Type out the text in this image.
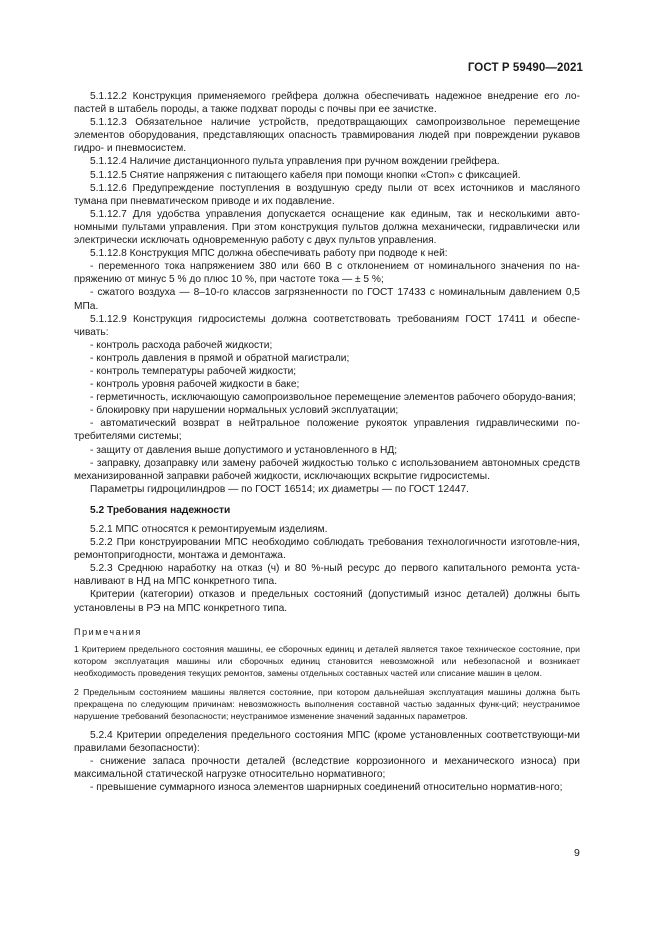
ГОСТ Р 59490—2021

5.1.12.2 Конструкция применяемого грейфера должна обеспечивать надежное внедрение его ло-пастей в штабель породы, а также подхват породы с почвы при ее зачистке.

5.1.12.3 Обязательное наличие устройств, предотвращающих самопроизвольное перемещение элементов оборудования, представляющих опасность травмирования людей при повреждении рукавов гидро- и пневмосистем.

5.1.12.4 Наличие дистанционного пульта управления при ручном вождении грейфера.

5.1.12.5 Снятие напряжения с питающего кабеля при помощи кнопки «Стоп» с фиксацией.

5.1.12.6 Предупреждение поступления в воздушную среду пыли от всех источников и масляного тумана при пневматическом приводе и их подавление.

5.1.12.7 Для удобства управления допускается оснащение как единым, так и несколькими авто-номными пультами управления. При этом конструкция пультов должна механически, гидравлически или электрически исключать одновременную работу с двух пультов управления.

5.1.12.8 Конструкция МПС должна обеспечивать работу при подводе к ней:

- переменного тока напряжением 380 или 660 В с отклонением от номинального значения по на-пряжению от минус 5 % до плюс 10 %, при частоте тока — ± 5 %;

- сжатого воздуха — 8–10-го классов загрязненности по ГОСТ 17433 с номинальным давлением 0,5 МПа.

5.1.12.9 Конструкция гидросистемы должна соответствовать требованиям ГОСТ 17411 и обеспе-чивать:

- контроль расхода рабочей жидкости;

- контроль давления в прямой и обратной магистрали;

- контроль температуры рабочей жидкости;

- контроль уровня рабочей жидкости в баке;

- герметичность, исключающую самопроизвольное перемещение элементов рабочего оборудо-вания;

- блокировку при нарушении нормальных условий эксплуатации;

- автоматический возврат в нейтральное положение рукояток управления гидравлическими по-требителями системы;

- защиту от давления выше допустимого и установленного в НД;

- заправку, дозаправку или замену рабочей жидкостью только с использованием автономных средств механизированной заправки рабочей жидкости, исключающих вскрытие гидросистемы.

Параметры гидроцилиндров — по ГОСТ 16514; их диаметры — по ГОСТ 12447.

5.2 Требования надежности

5.2.1 МПС относятся к ремонтируемым изделиям.

5.2.2 При конструировании МПС необходимо соблюдать требования технологичности изготовле-ния, ремонтопригодности, монтажа и демонтажа.

5.2.3 Среднюю наработку на отказ (ч) и 80 %-ный ресурс до первого капитального ремонта уста-навливают в НД на МПС конкретного типа.

Критерии (категории) отказов и предельных состояний (допустимый износ деталей) должны быть установлены в РЭ на МПС конкретного типа.

Примечания

1 Критерием предельного состояния машины, ее сборочных единиц и деталей является такое техническое состояние, при котором эксплуатация машины или сборочных единиц становится невозможной или небезопасной и возникает необходимость проведения текущих ремонтов, замены отдельных составных частей или списание машин в целом.

2 Предельным состоянием машины является состояние, при котором дальнейшая эксплуатация машины должна быть прекращена по следующим причинам: невозможность выполнения составной частью заданных функ-ций; неустранимое нарушение требований безопасности; неустранимое изменение значений заданных параметров.

5.2.4 Критерии определения предельного состояния МПС (кроме установленных соответствующи-ми правилами безопасности):

- снижение запаса прочности деталей (вследствие коррозионного и механического износа) при максимальной статической нагрузке относительно нормативного;

- превышение суммарного износа элементов шарнирных соединений относительно норматив-ного;

9
